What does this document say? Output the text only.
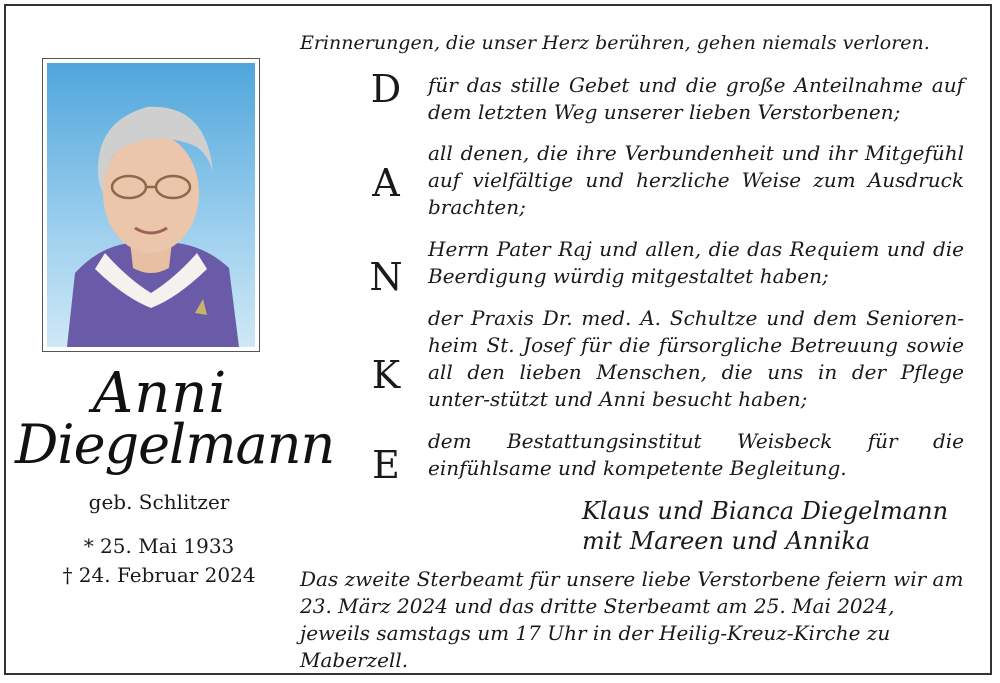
Anni
Diegelmann
geb. Schlitzer
* 25. Mai 1933
† 24. Februar 2024
Erinnerungen, die unser Herz berühren, gehen niemals verloren.
D für das stille Gebet und die große Anteilnahme auf dem letzten Weg unserer lieben Verstorbenen;
A
all denen, die ihre Verbundenheit und ihr Mitgefühl auf vielfältige und herzliche Weise zum Ausdruck brachten;
N
Herrn Pater Raj und allen, die das Requiem und die Beerdigung würdig mitgestaltet haben;
K
der Praxis Dr. med. A. Schultze und dem Senioren-heim St. Josef für die fürsorgliche Betreuung sowie all den lieben Menschen, die uns in der Pflege unter-stützt und Anni besucht haben;
E
dem Bestattungsinstitut Weisbeck für die einfühlsame und kompetente Begleitung.
Klaus und Bianca Diegelmann
mit Mareen und Annika
Das zweite Sterbeamt für unsere liebe Verstorbene feiern wir am 23. März 2024 und das dritte Sterbeamt am 25. Mai 2024, jeweils samstags um 17 Uhr in der Heilig-Kreuz-Kirche zu Maberzell.
